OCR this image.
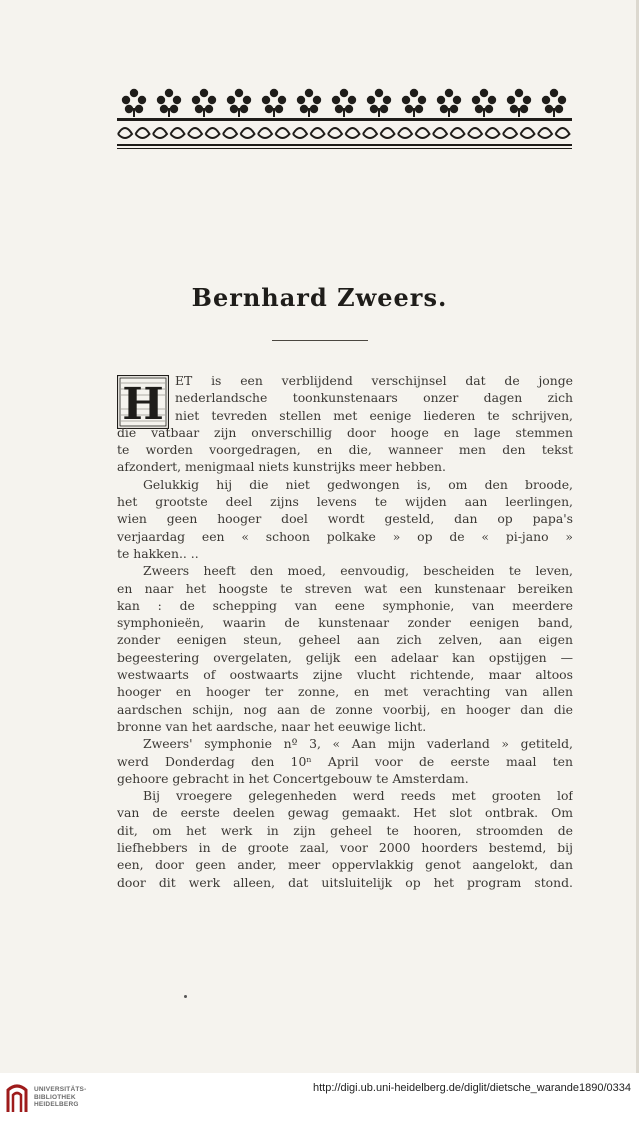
Bernhard Zweers.
H ET is een verblijdend verschijnsel dat de jonge
nederlandsche toonkunstenaars onzer dagen zich
niet tevreden stellen met eenige liederen te schrijven,
die vatbaar zijn onverschillig door hooge en lage stemmen
te worden voorgedragen, en die, wanneer men den tekst
afzondert, menigmaal niets kunstrijks meer hebben.
Gelukkig hij die niet gedwongen is, om den broode,
het grootste deel zijns levens te wijden aan leerlingen,
wien geen hooger doel wordt gesteld, dan op papa's
verjaardag een « schoon polkake » op de « pi-jano »
te hakken.. ..
Zweers heeft den moed, eenvoudig, bescheiden te leven,
en naar het hoogste te streven wat een kunstenaar bereiken
kan : de schepping van eene symphonie, van meerdere
symphonieën, waarin de kunstenaar zonder eenigen band,
zonder eenigen steun, geheel aan zich zelven, aan eigen
begeestering overgelaten, gelijk een adelaar kan opstijgen —
westwaarts of oostwaarts zijne vlucht richtende, maar altoos
hooger en hooger ter zonne, en met verachting van allen
aardschen schijn, nog aan de zonne voorbij, en hooger dan die
bronne van het aardsche, naar het eeuwige licht.
Zweers' symphonie nº 3, « Aan mijn vaderland » getiteld,
werd Donderdag den 10ⁿ April voor de eerste maal ten
gehoore gebracht in het Concertgebouw te Amsterdam.
Bij vroegere gelegenheden werd reeds met grooten lof
van de eerste deelen gewag gemaakt. Het slot ontbrak. Om
dit, om het werk in zijn geheel te hooren, stroomden de
liefhebbers in de groote zaal, voor 2000 hoorders bestemd, bij
een, door geen ander, meer oppervlakkig genot aangelokt, dan
door dit werk alleen, dat uitsluitelijk op het program stond.
UNIVERSITÄTS-
BIBLIOTHEK
HEIDELBERG
http://digi.ub.uni-heidelberg.de/diglit/dietsche_warande1890/0334
